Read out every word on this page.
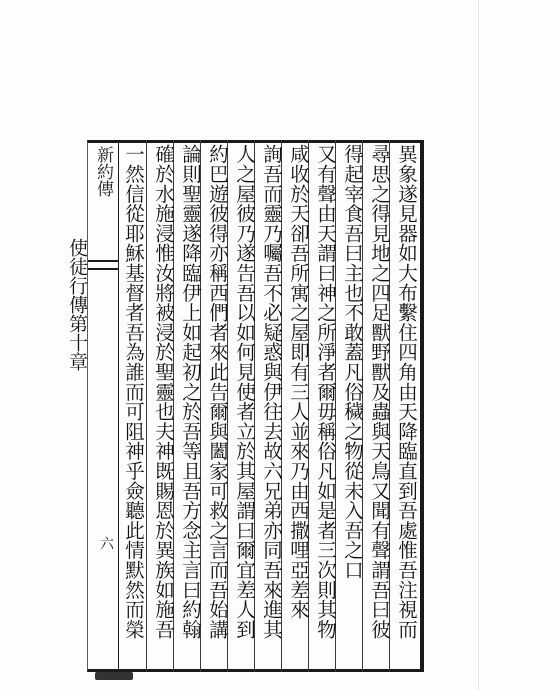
新約傳
使徒行傳第十章
六	異象遂見器如大布繫住四角由天降臨直到吾處惟吾注視而
尋思之得見地之四足獸野獸及蟲與天鳥又聞有聲謂吾曰彼
得起宰食吾曰主也不敢蓋凡俗穢之物從未入吾之口
又有聲由天謂曰神之所淨者爾毋稱俗凡如是者三次則其物
咸收於天卻吾所寓之屋即有三人並來乃由西撒哩亞差來
詢吾而靈乃囑吾不必疑惑與伊往去故六兄弟亦同吾來進其
人之屋彼乃遂告吾以如何見使者立於其屋謂曰爾宜差人到
約巴遊彼得亦稱西們者來此告爾與闔家可救之言而吾始講
論則聖靈遂降臨伊上如起初之於吾等且吾方念主言曰約翰
確於水施浸惟汝將被浸於聖靈也夫神既賜恩於異族如施吾
一然信從耶穌基督者吾為誰而可阻神乎僉聽此情默然而榮
